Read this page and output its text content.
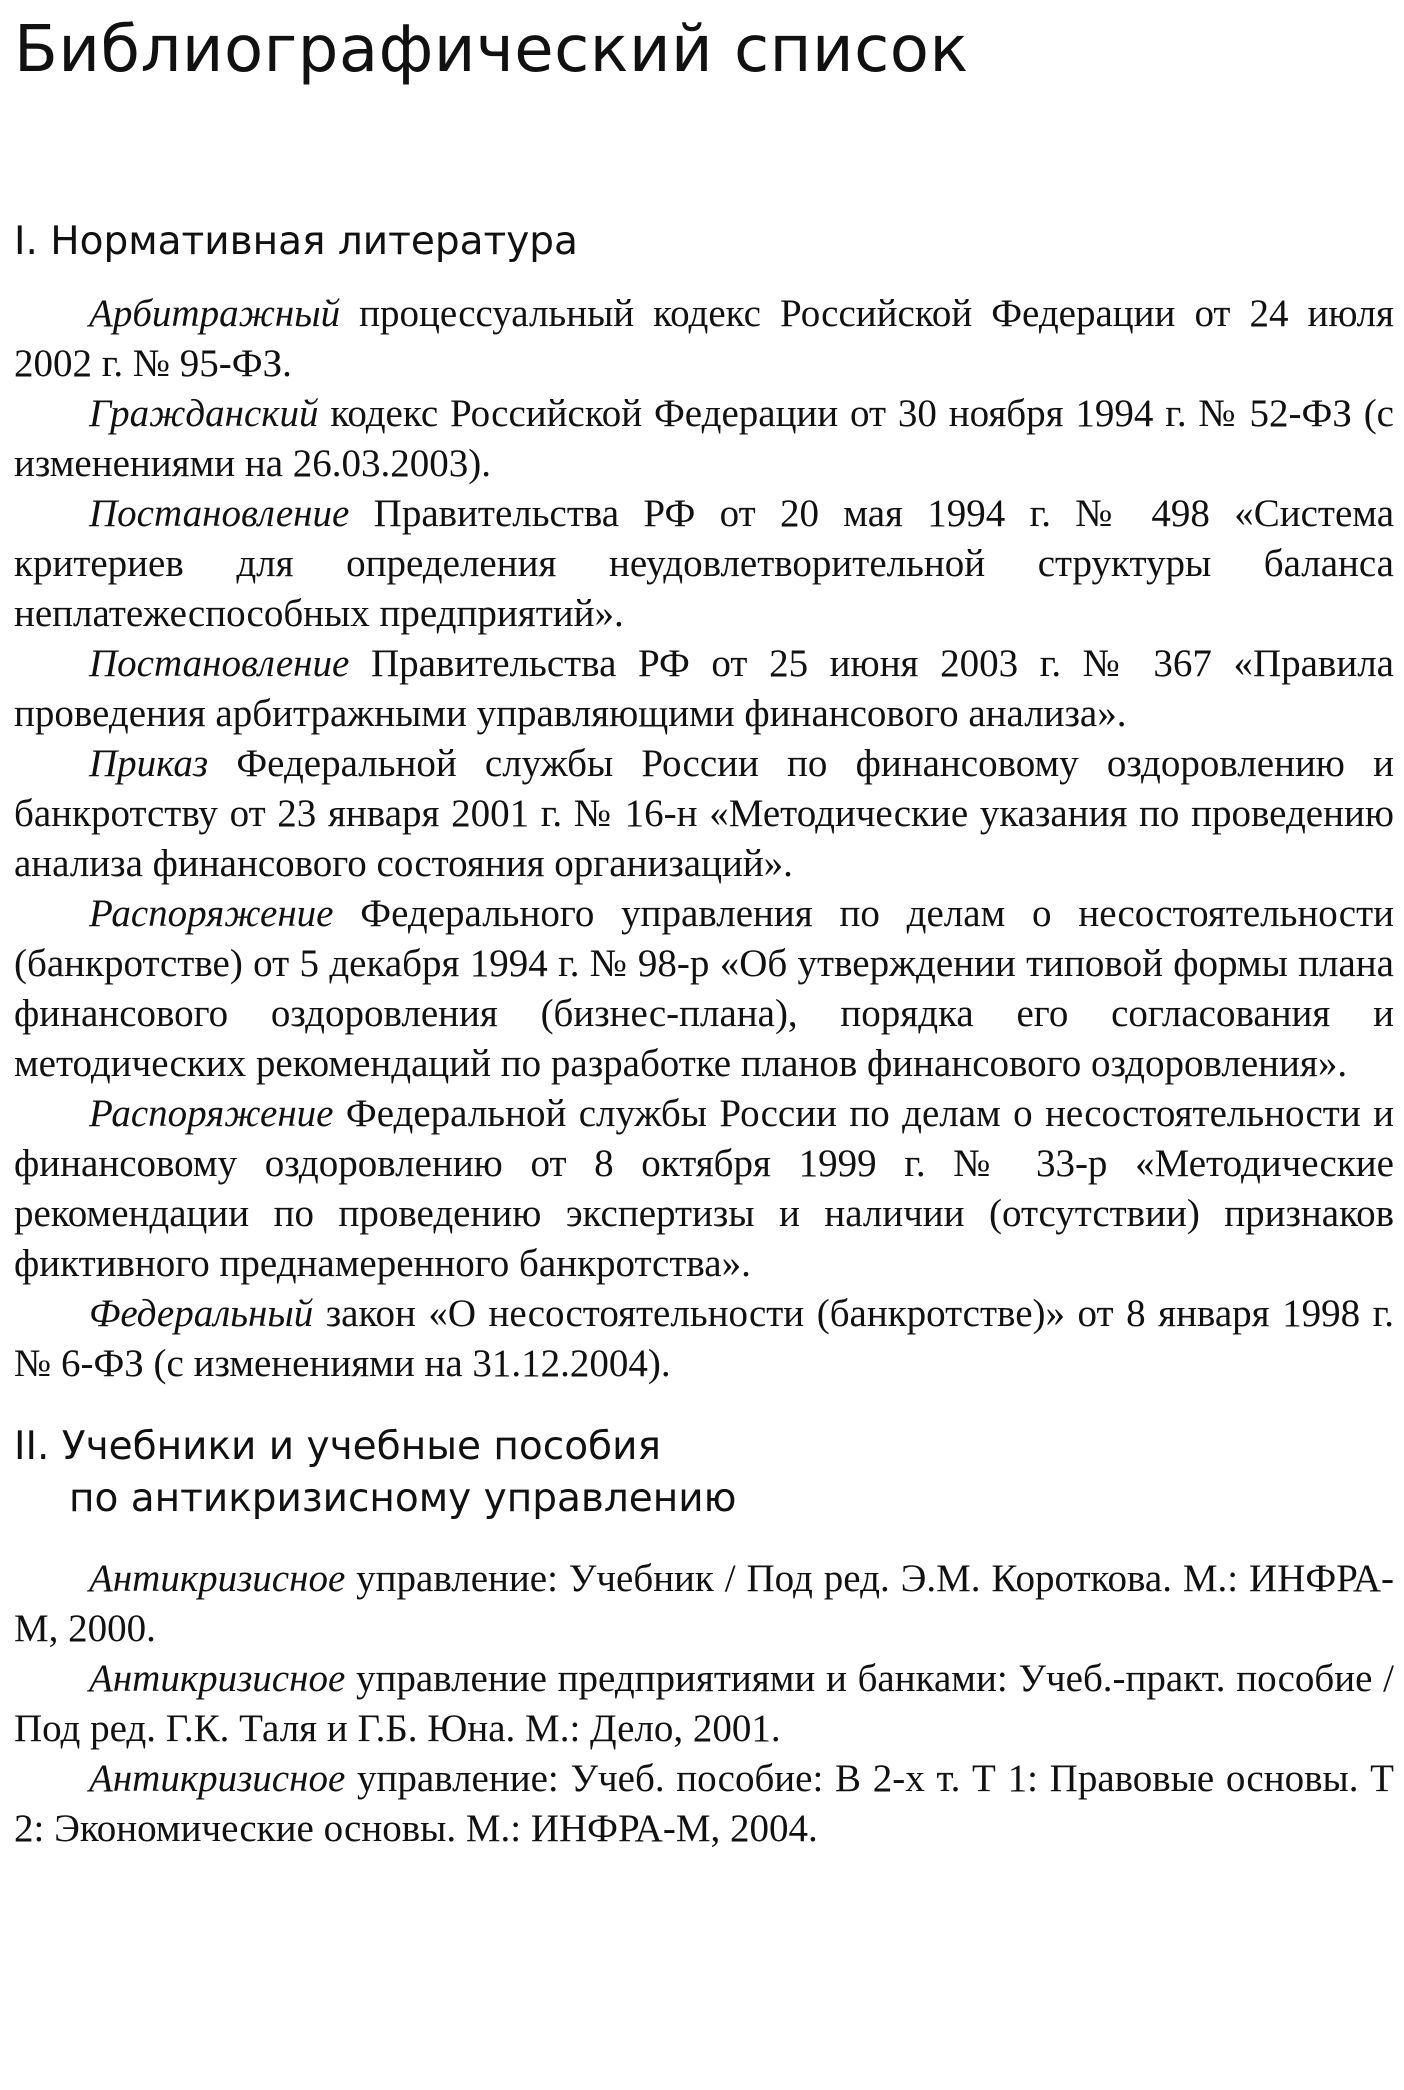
Библиографический список
I. Нормативная литература

Арбитражный процессуальный кодекс Российской Федерации от 24 июля 2002 г. № 95-ФЗ.

Гражданский кодекс Российской Федерации от 30 ноября 1994 г. № 52-ФЗ (с изменениями на 26.03.2003).

Постановление Правительства РФ от 20 мая 1994 г. № 498 «Система критериев для определения неудовлетворительной структуры баланса неплатежеспособных предприятий».

Постановление Правительства РФ от 25 июня 2003 г. № 367 «Правила проведения арбитражными управляющими финансового анализа».

Приказ Федеральной службы России по финансовому оздоровлению и банкротству от 23 января 2001 г. № 16-н «Методические указания по проведению анализа финансового состояния организаций».

Распоряжение Федерального управления по делам о несостоятельности (банкротстве) от 5 декабря 1994 г. № 98-р «Об утверждении типовой формы плана финансового оздоровления (бизнес-плана), порядка его согласования и методических рекомендаций по разработке планов финансового оздоровления».

Распоряжение Федеральной службы России по делам о несостоятельности и финансовому оздоровлению от 8 октября 1999 г. № 33-р «Методические рекомендации по проведению экспертизы и наличии (отсутствии) признаков фиктивного преднамеренного банкротства».

Федеральный закон «О несостоятельности (банкротстве)» от 8 января 1998 г. № 6-ФЗ (с изменениями на 31.12.2004).

II. Учебники и учебные пособия
по антикризисному управлению

Антикризисное управление: Учебник / Под ред. Э.М. Короткова. М.: ИНФРА-М, 2000.

Антикризисное управление предприятиями и банками: Учеб.-практ. пособие / Под ред. Г.К. Таля и Г.Б. Юна. М.: Дело, 2001.

Антикризисное управление: Учеб. пособие: В 2-х т. Т 1: Правовые основы. Т 2: Экономические основы. М.: ИНФРА-М, 2004.
